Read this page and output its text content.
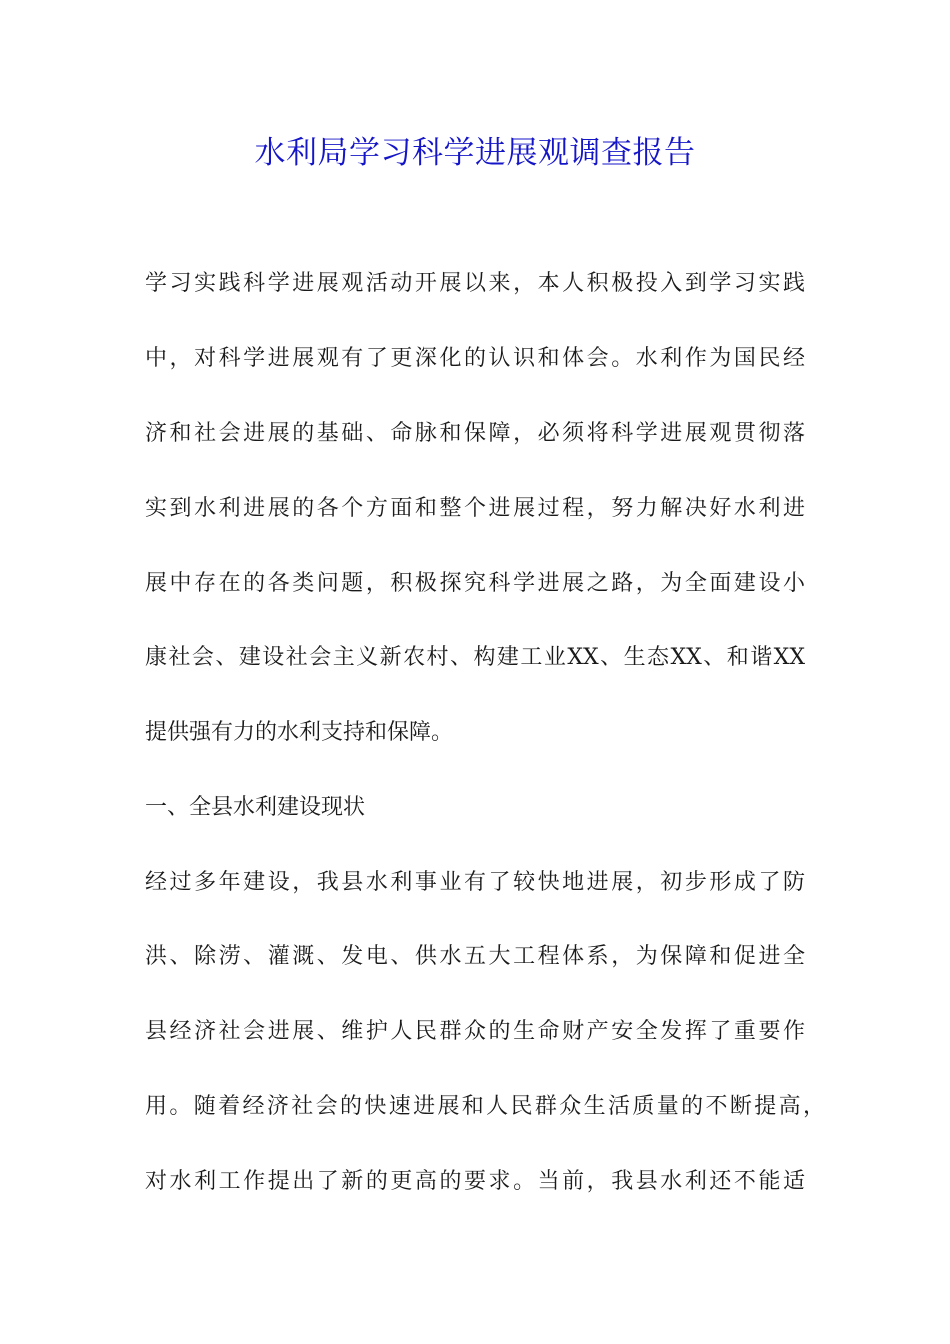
水利局学习科学进展观调查报告
学习实践科学进展观活动开展以来，本人积极投入到学习实践
中，对科学进展观有了更深化的认识和体会。水利作为国民经
济和社会进展的基础、命脉和保障，必须将科学进展观贯彻落
实到水利进展的各个方面和整个进展过程，努力解决好水利进
展中存在的各类问题，积极探究科学进展之路，为全面建设小
康社会、建设社会主义新农村、构建工业XX、生态XX、和谐XX
提供强有力的水利支持和保障。
一、全县水利建设现状
经过多年建设，我县水利事业有了较快地进展，初步形成了防
洪、除涝、灌溉、发电、供水五大工程体系，为保障和促进全
县经济社会进展、维护人民群众的生命财产安全发挥了重要作
用。随着经济社会的快速进展和人民群众生活质量的不断提高，
对水利工作提出了新的更高的要求。当前，我县水利还不能适
